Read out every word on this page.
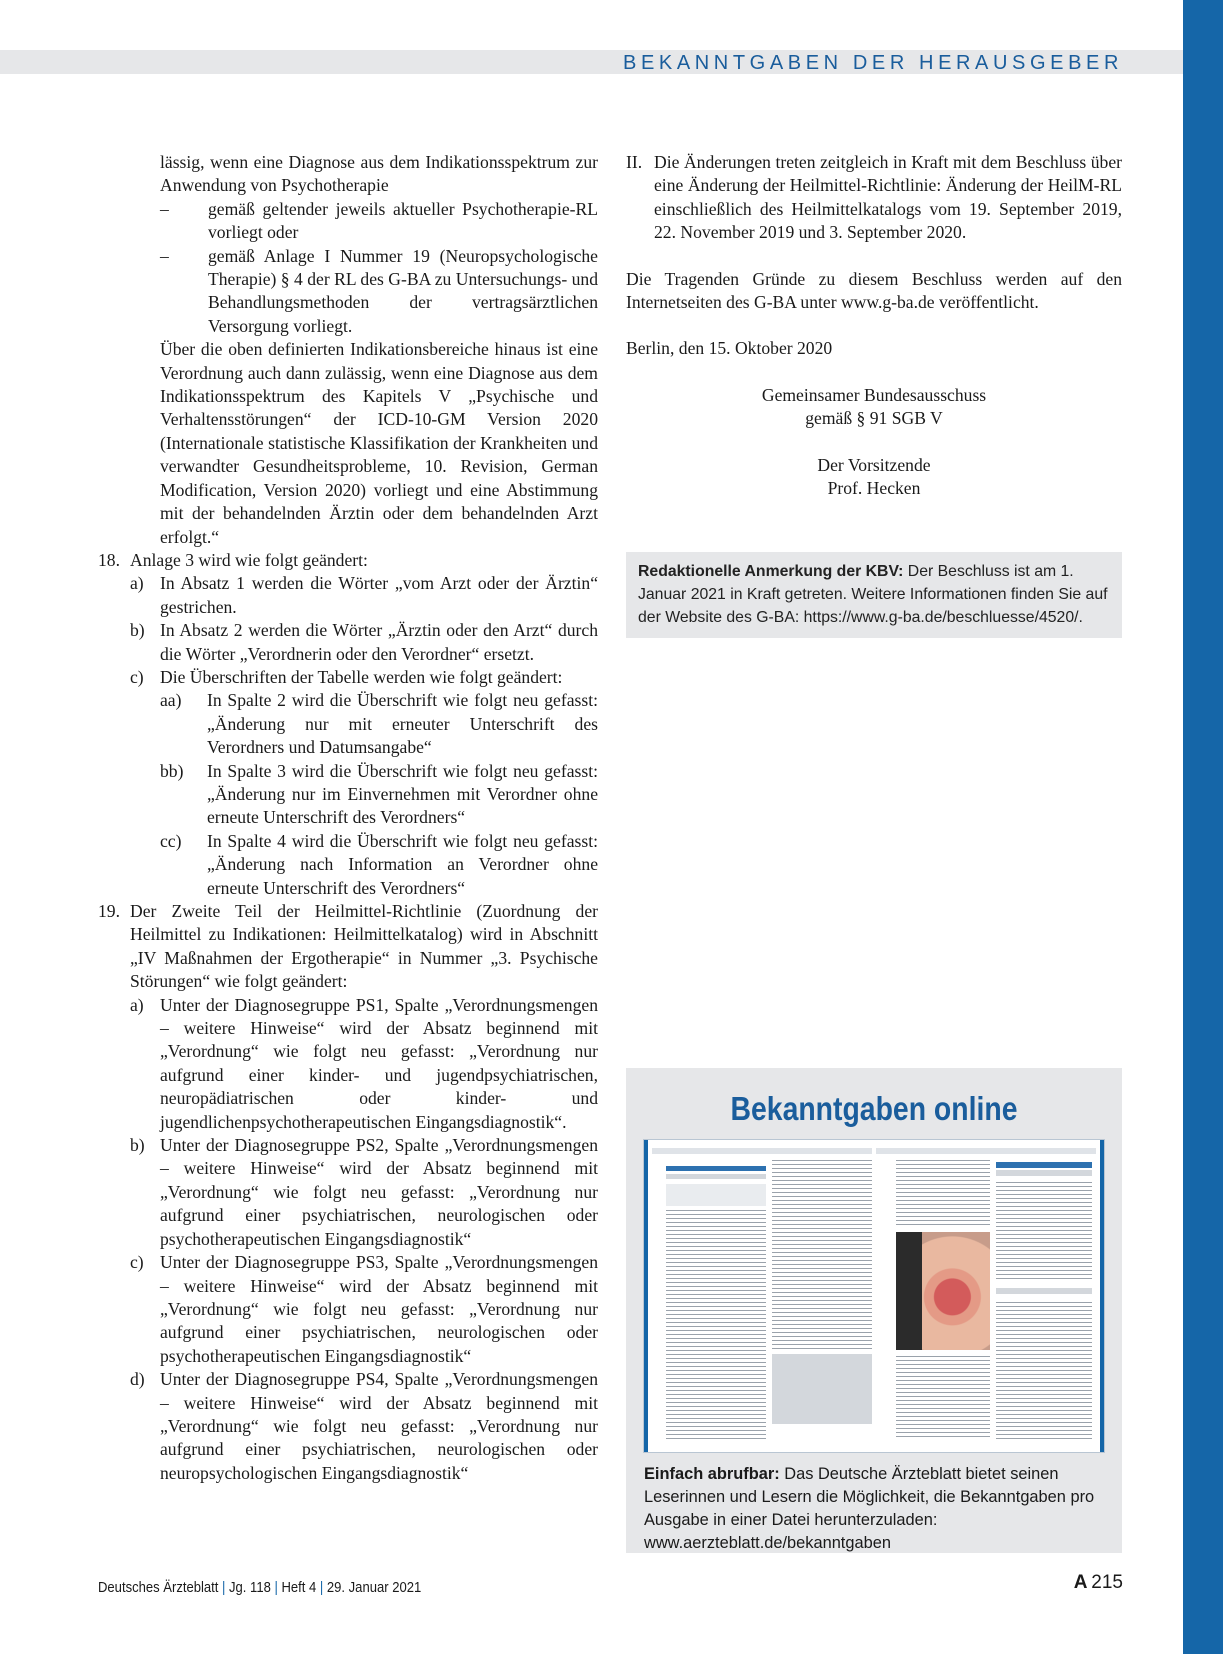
BEKANNTGABEN DER HERAUSGEBER

lässig, wenn eine Diagnose aus dem Indikationsspektrum zur Anwendung von Psychotherapie

–	gemäß geltender jeweils aktueller Psychotherapie-RL vorliegt oder
–	gemäß Anlage I Nummer 19 (Neuropsychologische Therapie) § 4 der RL des G-BA zu Untersuchungs- und Behandlungsmethoden der vertragsärztlichen Versorgung vorliegt.

Über die oben definierten Indikationsbereiche hinaus ist eine Verordnung auch dann zulässig, wenn eine Diagnose aus dem Indikationsspektrum des Kapitels V „Psychische und Verhaltensstörungen“ der ICD-10-GM Version 2020 (Internationale statistische Klassifikation der Krankheiten und verwandter Gesundheitsprobleme, 10. Revision, German Modification, Version 2020) vorliegt und eine Abstimmung mit der behandelnden Ärztin oder dem behandelnden Arzt erfolgt.“

18. Anlage 3 wird wie folgt geändert:
a) In Absatz 1 werden die Wörter „vom Arzt oder der Ärztin“ gestrichen.
b) In Absatz 2 werden die Wörter „Ärztin oder den Arzt“ durch die Wörter „Verordnerin oder den Verordner“ ersetzt.
c) Die Überschriften der Tabelle werden wie folgt geändert:
aa)	In Spalte 2 wird die Überschrift wie folgt neu gefasst: „Änderung nur mit erneuter Unterschrift des Verordners und Datumsangabe“
bb)	In Spalte 3 wird die Überschrift wie folgt neu gefasst: „Änderung nur im Einvernehmen mit Verordner ohne erneute Unterschrift des Verordners“
cc)	In Spalte 4 wird die Überschrift wie folgt neu gefasst: „Änderung nach Information an Verordner ohne erneute Unterschrift des Verordners“
19. Der Zweite Teil der Heilmittel-Richtlinie (Zuordnung der Heilmittel zu Indikationen: Heilmittelkatalog) wird in Abschnitt „IV Maßnahmen der Ergotherapie“ in Nummer „3. Psychische Störungen“ wie folgt geändert:
a) Unter der Diagnosegruppe PS1, Spalte „Verordnungsmengen – weitere Hinweise“ wird der Absatz beginnend mit „Verordnung“ wie folgt neu gefasst: „Verordnung nur aufgrund einer kinder- und jugendpsychiatrischen, neuropädiatrischen oder kinder- und jugendlichenpsychotherapeutischen Eingangsdiagnostik“.
b) Unter der Diagnosegruppe PS2, Spalte „Verordnungsmengen – weitere Hinweise“ wird der Absatz beginnend mit „Verordnung“ wie folgt neu gefasst: „Verordnung nur aufgrund einer psychiatrischen, neurologischen oder psychotherapeutischen Eingangsdiagnostik“
c) Unter der Diagnosegruppe PS3, Spalte „Verordnungsmengen – weitere Hinweise“ wird der Absatz beginnend mit „Verordnung“ wie folgt neu gefasst: „Verordnung nur aufgrund einer psychiatrischen, neurologischen oder psychotherapeutischen Eingangsdiagnostik“
d) Unter der Diagnosegruppe PS4, Spalte „Verordnungsmengen – weitere Hinweise“ wird der Absatz beginnend mit „Verordnung“ wie folgt neu gefasst: „Verordnung nur aufgrund einer psychiatrischen, neurologischen oder neuropsychologischen Eingangsdiagnostik“
II. Die Änderungen treten zeitgleich in Kraft mit dem Beschluss über eine Änderung der Heilmittel-Richtlinie: Änderung der HeilM-RL einschließlich des Heilmittelkatalogs vom 19. September 2019, 22. November 2019 und 3. September 2020.

Die Tragenden Gründe zu diesem Beschluss werden auf den Internetseiten des G-BA unter www.g-ba.de veröffentlicht.

Berlin, den 15. Oktober 2020

Gemeinsamer Bundesausschuss

gemäß § 91 SGB V

Der Vorsitzende

Prof. Hecken

Redaktionelle Anmerkung der KBV: Der Beschluss ist am 1. Januar 2021 in Kraft getreten. Weitere Informationen finden Sie auf der Website des G-BA: https://www.g-ba.de/beschluesse/4520/.
Bekanntgaben online
Einfach abrufbar: Das Deutsche Ärzteblatt bietet seinen Leserinnen und Lesern die Möglichkeit, die Bekanntgaben pro Ausgabe in einer Datei herunterzuladen: www.aerzteblatt.de/bekanntgaben
Deutsches Ärzteblatt | Jg. 118 | Heft 4 | 29. Januar 2021	A  215
